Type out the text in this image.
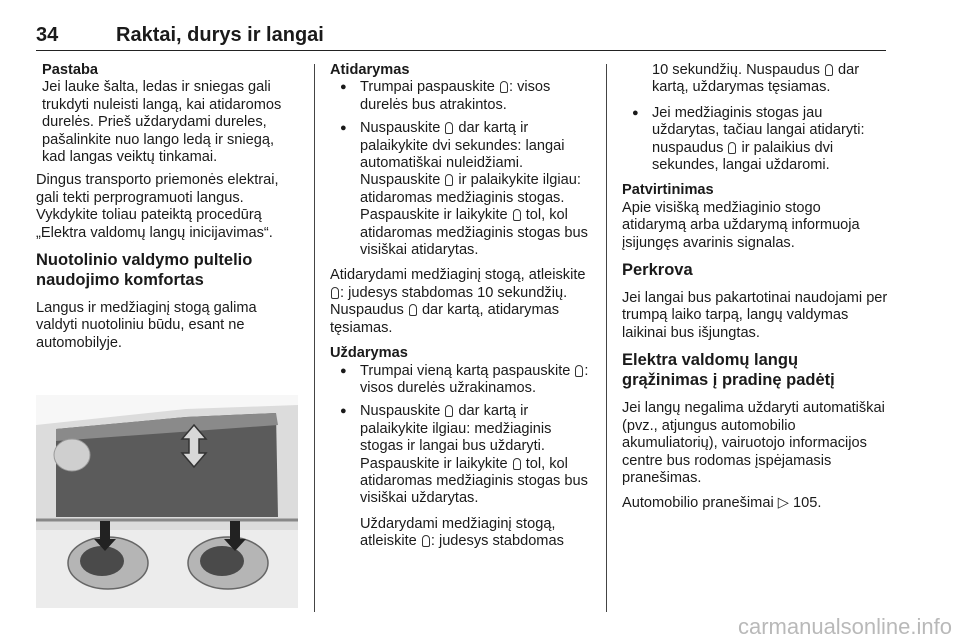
34	Raktai, durys ir langai
Pastaba
Jei lauke šalta, ledas ir sniegas gali trukdyti nuleisti langą, kai atidaromos durelės. Prieš uždarydami dureles, pašalinkite nuo lango ledą ir sniegą, kad langas veiktų tinkamai.

Dingus transporto priemonės elektrai, gali tekti perprogramuoti langus. Vykdykite toliau pateiktą procedūrą „Elektra valdomų langų inicijavimas“.

Nuotolinio valdymo pultelio naudojimo komfortas

Langus ir medžiaginį stogą galima valdyti nuotoliniu būdu, esant ne automobilyje.

Atidarymas
● Trumpai paspauskite : visos durelės bus atrakintos.
● Nuspauskite  dar kartą ir palaikykite dvi sekundes: langai automatiškai nuleidžiami. Nuspauskite  ir palaikykite ilgiau: atidaromas medžiaginis stogas. Paspauskite ir laikykite  tol, kol atidaromas medžiaginis stogas bus visiškai atidarytas.

Atidarydami medžiaginį stogą, atleiskite : judesys stabdomas 10 sekundžių. Nuspaudus  dar kartą, atidarymas tęsiamas.

Uždarymas
● Trumpai vieną kartą paspauskite : visos durelės užrakinamos.
● Nuspauskite  dar kartą ir palaikykite ilgiau: medžiaginis stogas ir langai bus uždaryti. Paspauskite ir laikykite  tol, kol atidaromas medžiaginis stogas bus visiškai uždarytas.
Uždarydami medžiaginį stogą, atleiskite : judesys stabdomas
10 sekundžių. Nuspaudus  dar kartą, uždarymas tęsiamas.
● Jei medžiaginis stogas jau uždarytas, tačiau langai atidaryti: nuspaudus  ir palaikius dvi sekundes, langai uždaromi.
Patvirtinimas

Apie visišką medžiaginio stogo atidarymą arba uždarymą informuoja įsijungęs avarinis signalas.

Perkrova

Jei langai bus pakartotinai naudojami per trumpą laiko tarpą, langų valdymas laikinai bus išjungtas.

Elektra valdomų langų grąžinimas į pradinę padėtį

Jei langų negalima uždaryti automatiškai (pvz., atjungus automobilio akumuliatorių), vairuotojo informacijos centre bus rodomas įspėjamasis pranešimas.

Automobilio pranešimai ▷ 105.

carmanualsonline.info
